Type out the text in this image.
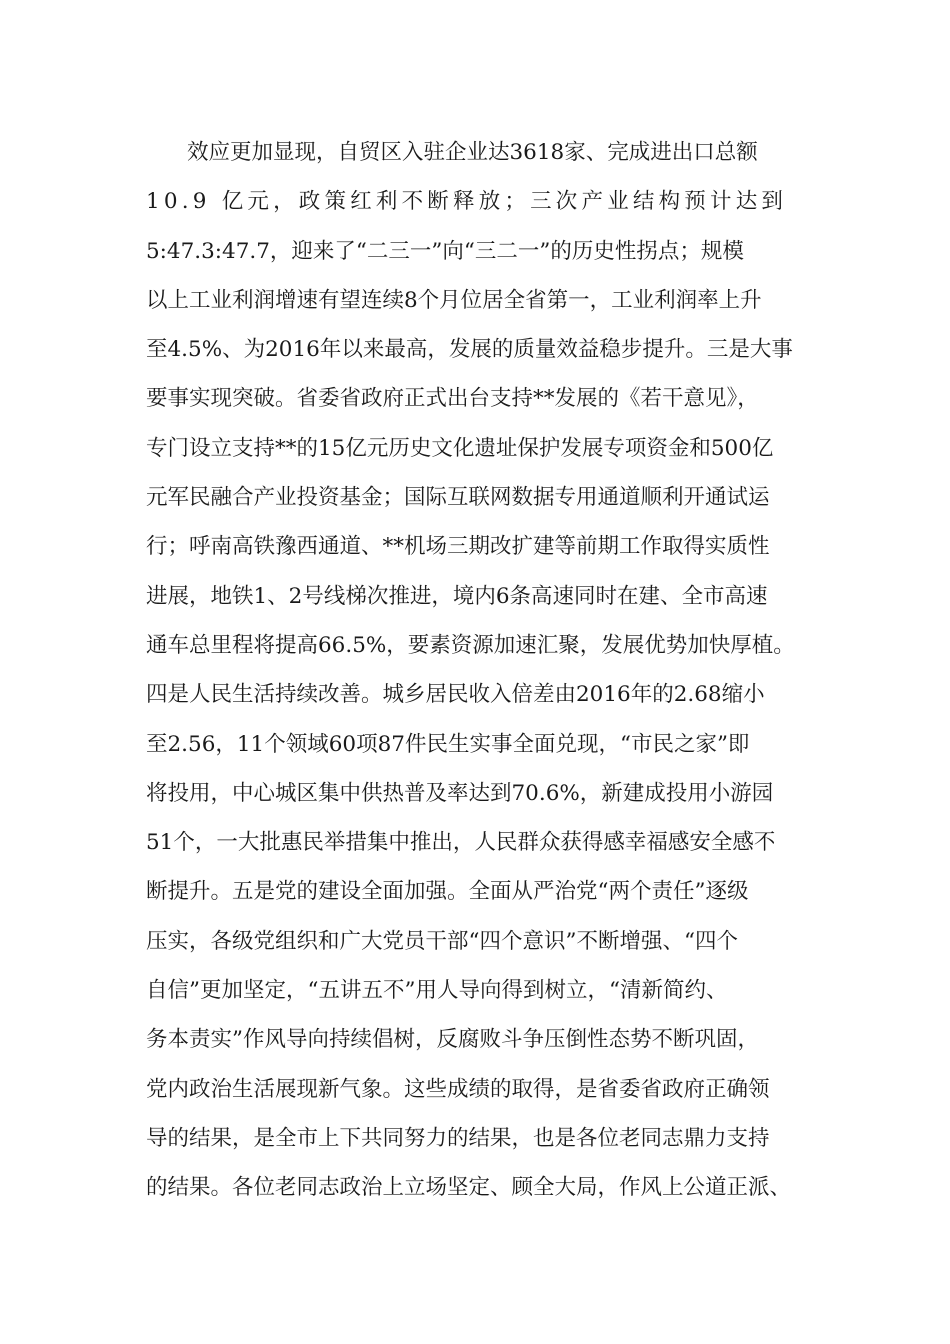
效应更加显现，自贸区入驻企业达3618家、完成进出口总额
10.9 亿元，政策红利不断释放；三次产业结构预计达到
5:47.3:47.7，迎来了“二三一”向“三二一”的历史性拐点；规模
以上工业利润增速有望连续8个月位居全省第一，工业利润率上升
至4.5%、为2016年以来最高，发展的质量效益稳步提升。三是大事
要事实现突破。省委省政府正式出台支持**发展的《若干意见》，
专门设立支持**的15亿元历史文化遗址保护发展专项资金和500亿
元军民融合产业投资基金；国际互联网数据专用通道顺利开通试运
行；呼南高铁豫西通道、**机场三期改扩建等前期工作取得实质性
进展，地铁1、2号线梯次推进，境内6条高速同时在建、全市高速
通车总里程将提高66.5%，要素资源加速汇聚，发展优势加快厚植。
四是人民生活持续改善。城乡居民收入倍差由2016年的2.68缩小
至2.56，11个领域60项87件民生实事全面兑现，“市民之家”即
将投用，中心城区集中供热普及率达到70.6%，新建成投用小游园
51个，一大批惠民举措集中推出，人民群众获得感幸福感安全感不
断提升。五是党的建设全面加强。全面从严治党“两个责任”逐级
压实，各级党组织和广大党员干部“四个意识”不断增强、“四个
自信”更加坚定，“五讲五不”用人导向得到树立，“清新简约、
务本责实”作风导向持续倡树，反腐败斗争压倒性态势不断巩固，
党内政治生活展现新气象。这些成绩的取得，是省委省政府正确领
导的结果，是全市上下共同努力的结果，也是各位老同志鼎力支持
的结果。各位老同志政治上立场坚定、顾全大局，作风上公道正派、
